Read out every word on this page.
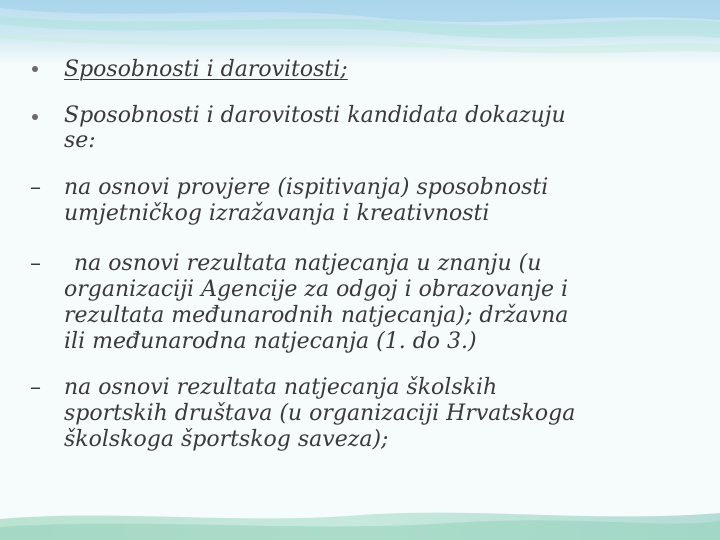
Sposobnosti i darovitosti;
Sposobnosti i darovitosti kandidata dokazuju
se:
– na osnovi provjere (ispitivanja) sposobnosti
umjetničkog izražavanja i kreativnosti
– na osnovi rezultata natjecanja u znanju (u
organizaciji Agencije za odgoj i obrazovanje i
rezultata međunarodnih natjecanja); državna
ili međunarodna natjecanja (1. do 3.)
– na osnovi rezultata natjecanja školskih
sportskih društava (u organizaciji Hrvatskoga
školskoga športskog saveza);
